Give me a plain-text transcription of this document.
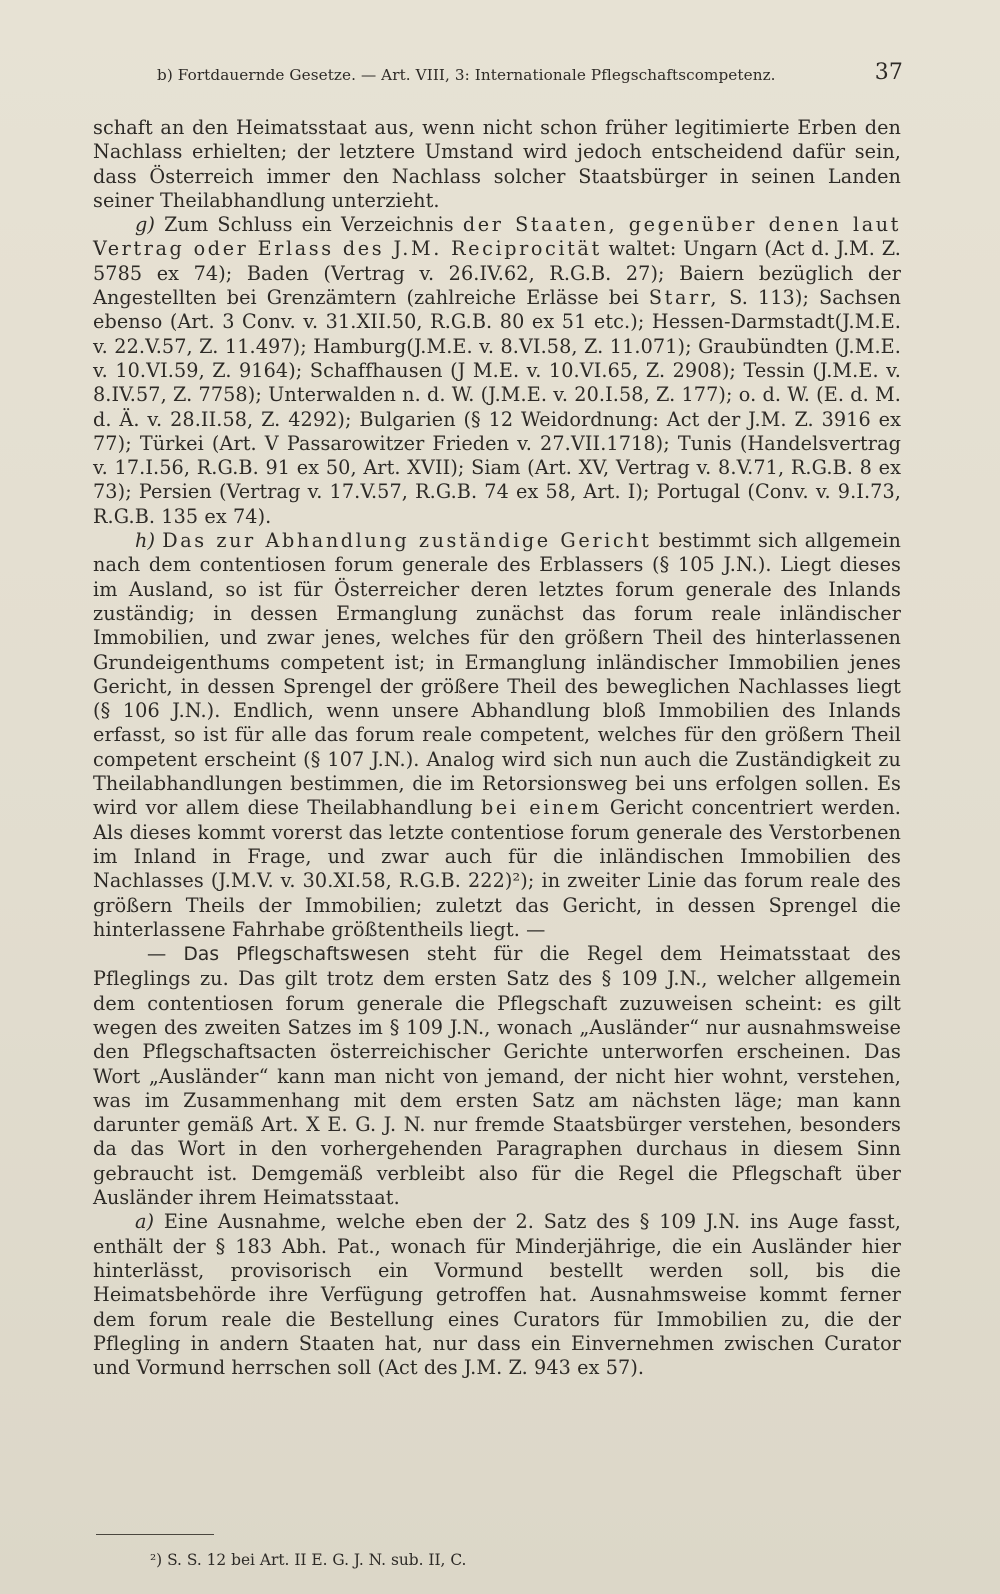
b) Fortdauernde Gesetze. — Art. VIII, 3: Internationale Pflegschaftscompetenz.	37

schaft an den Heimatsstaat aus, wenn nicht schon früher legitimierte Erben den Nachlass erhielten; der letztere Umstand wird jedoch entscheidend dafür sein, dass Österreich immer den Nachlass solcher Staatsbürger in seinen Landen seiner Theilabhandlung unterzieht.

g) Zum Schluss ein Verzeichnis der Staaten, gegenüber denen laut Vertrag oder Erlass des J.M. Reciprocität waltet: Ungarn (Act d. J.M. Z. 5785 ex 74); Baden (Vertrag v. 26.IV.62, R.G.B. 27); Baiern bezüglich der Angestellten bei Grenzämtern (zahlreiche Erlässe bei Starr, S. 113); Sachsen ebenso (Art. 3 Conv. v. 31.XII.50, R.G.B. 80 ex 51 etc.); Hessen-Darmstadt(J.M.E. v. 22.V.57, Z. 11.497); Hamburg(J.M.E. v. 8.VI.58, Z. 11.071); Graubündten (J.M.E. v. 10.VI.59, Z. 9164); Schaffhausen (J M.E. v. 10.VI.65, Z. 2908); Tessin (J.M.E. v. 8.IV.57, Z. 7758); Unterwalden n. d. W. (J.M.E. v. 20.I.58, Z. 177); o. d. W. (E. d. M. d. Ä. v. 28.II.58, Z. 4292); Bulgarien (§ 12 Weidordnung: Act der J.M. Z. 3916 ex 77); Türkei (Art. V Passarowitzer Frieden v. 27.VII.1718); Tunis (Handelsvertrag v. 17.I.56, R.G.B. 91 ex 50, Art. XVII); Siam (Art. XV, Vertrag v. 8.V.71, R.G.B. 8 ex 73); Persien (Vertrag v. 17.V.57, R.G.B. 74 ex 58, Art. I); Portugal (Conv. v. 9.I.73, R.G.B. 135 ex 74).

h) Das zur Abhandlung zuständige Gericht bestimmt sich allgemein nach dem contentiosen forum generale des Erblassers (§ 105 J.N.). Liegt dieses im Ausland, so ist für Österreicher deren letztes forum generale des Inlands zuständig; in dessen Ermanglung zunächst das forum reale inländischer Immobilien, und zwar jenes, welches für den größern Theil des hinterlassenen Grundeigenthums competent ist; in Ermanglung inländischer Immobilien jenes Gericht, in dessen Sprengel der größere Theil des beweglichen Nachlasses liegt (§ 106 J.N.). Endlich, wenn unsere Abhandlung bloß Immobilien des Inlands erfasst, so ist für alle das forum reale competent, welches für den größern Theil competent erscheint (§ 107 J.N.). Analog wird sich nun auch die Zuständigkeit zu Theilabhandlungen bestimmen, die im Retorsionsweg bei uns erfolgen sollen. Es wird vor allem diese Theilabhandlung bei einem Gericht concentriert werden. Als dieses kommt vorerst das letzte contentiose forum generale des Verstorbenen im Inland in Frage, und zwar auch für die inländischen Immobilien des Nachlasses (J.M.V. v. 30.XI.58, R.G.B. 222)²); in zweiter Linie das forum reale des größern Theils der Immobilien; zuletzt das Gericht, in dessen Sprengel die hinterlassene Fahrhabe größtentheils liegt. —

— Das Pflegschaftswesen steht für die Regel dem Heimatsstaat des Pfleglings zu. Das gilt trotz dem ersten Satz des § 109 J.N., welcher allgemein dem contentiosen forum generale die Pflegschaft zuzuweisen scheint: es gilt wegen des zweiten Satzes im § 109 J.N., wonach „Ausländer“ nur ausnahmsweise den Pflegschaftsacten österreichischer Gerichte unterworfen erscheinen. Das Wort „Ausländer“ kann man nicht von jemand, der nicht hier wohnt, verstehen, was im Zusammenhang mit dem ersten Satz am nächsten läge; man kann darunter gemäß Art. X E. G. J. N. nur fremde Staatsbürger verstehen, besonders da das Wort in den vorhergehenden Paragraphen durchaus in diesem Sinn gebraucht ist. Demgemäß verbleibt also für die Regel die Pflegschaft über Ausländer ihrem Heimatsstaat.

a) Eine Ausnahme, welche eben der 2. Satz des § 109 J.N. ins Auge fasst, enthält der § 183 Abh. Pat., wonach für Minderjährige, die ein Ausländer hier hinterlässt, provisorisch ein Vormund bestellt werden soll, bis die Heimatsbehörde ihre Verfügung getroffen hat. Ausnahmsweise kommt ferner dem forum reale die Bestellung eines Curators für Immobilien zu, die der Pflegling in andern Staaten hat, nur dass ein Einvernehmen zwischen Curator und Vormund herrschen soll (Act des J.M. Z. 943 ex 57).

²) S. S. 12 bei Art. II E. G. J. N. sub. II, C.
